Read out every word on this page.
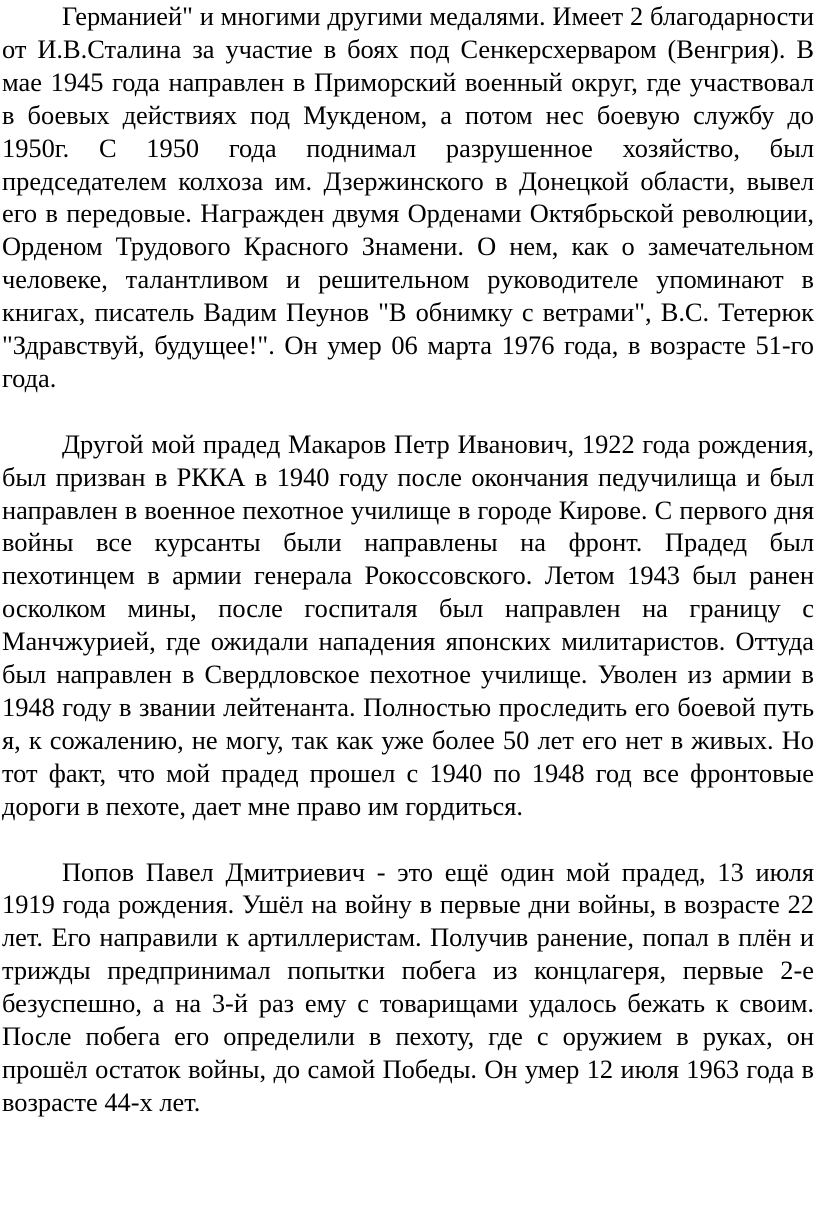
Германией" и многими другими медалями. Имеет 2 благодарности от И.В.Сталина за участие в боях под Сенкерсхерваром (Венгрия). В мае 1945 года направлен в Приморский военный округ, где участвовал в боевых действиях под Мукденом, а потом нес боевую службу до 1950г. С 1950 года поднимал разрушенное хозяйство, был председателем колхоза им. Дзержинского в Донецкой области, вывел его в передовые. Награжден двумя Орденами Октябрьской революции, Орденом Трудового Красного Знамени. О нем, как о замечательном человеке, талантливом и решительном руководителе упоминают в книгах, писатель Вадим Пеунов "В обнимку с ветрами", В.С. Тетерюк "Здравствуй, будущее!". Он умер 06 марта 1976 года, в возрасте 51-го года.

Другой мой прадед Макаров Петр Иванович, 1922 года рождения, был призван в РККА в 1940 году после окончания педучилища и был направлен в военное пехотное училище в городе Кирове. С первого дня войны все курсанты были направлены на фронт. Прадед был пехотинцем в армии генерала Рокоссовского. Летом 1943 был ранен осколком мины, после госпиталя был направлен на границу с Манчжурией, где ожидали нападения японских милитаристов. Оттуда был направлен в Свердловское пехотное училище. Уволен из армии в 1948 году в звании лейтенанта. Полностью проследить его боевой путь я, к сожалению, не могу, так как уже более 50 лет его нет в живых. Но тот факт, что мой прадед прошел с 1940 по 1948 год все фронтовые дороги в пехоте, дает мне право им гордиться.

Попов Павел Дмитриевич - это ещё один мой прадед, 13 июля 1919 года рождения. Ушёл на войну в первые дни войны, в возрасте 22 лет. Его направили к артиллеристам. Получив ранение, попал в плён и трижды предпринимал попытки побега из концлагеря, первые 2-е безуспешно, а на 3-й раз ему с товарищами удалось бежать к своим. После побега его определили в пехоту, где с оружием в руках, он прошёл остаток войны, до самой Победы. Он умер 12 июля 1963 года в возрасте 44-х лет.
